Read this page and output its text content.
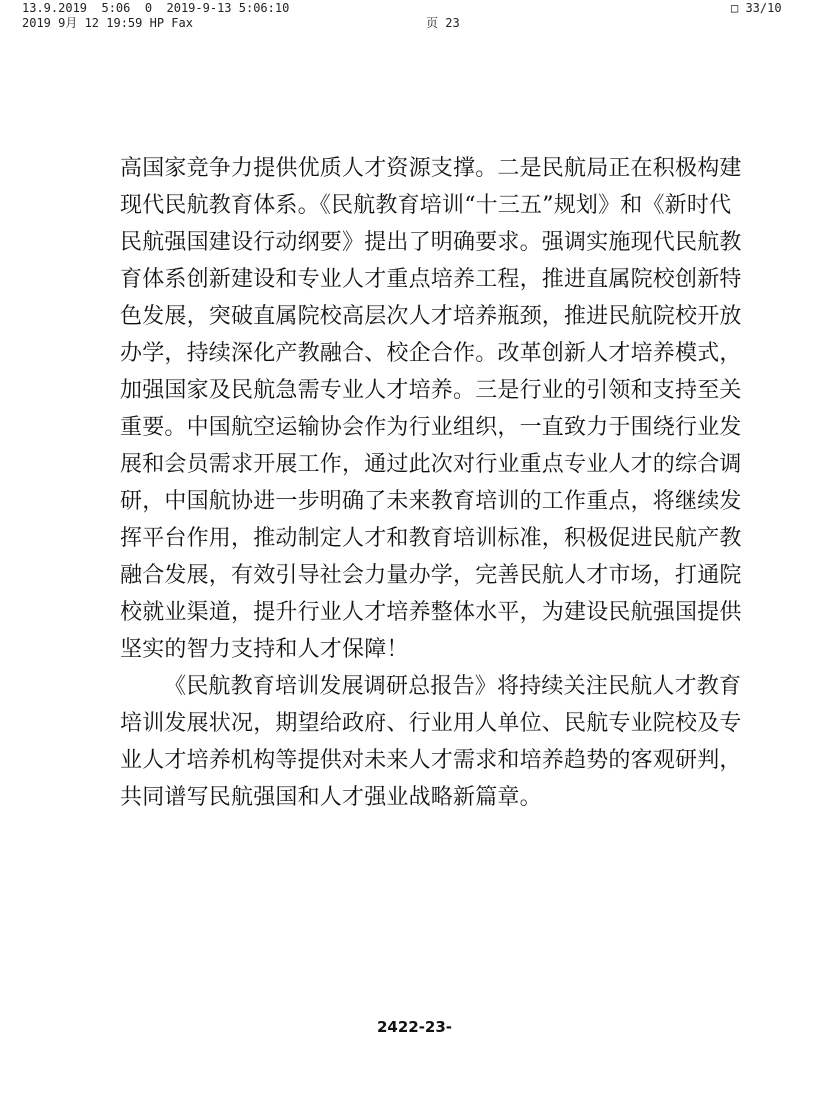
13.9.2019  5:06  0  2019-9-13 5:06:10	□ 33/10
2019 9月 12 19:59 HP Fax	页 23
高国家竞争力提供优质人才资源支撑。二是民航局正在积极构建
现代民航教育体系。《民航教育培训“十三五”规划》和《新时代
民航强国建设行动纲要》提出了明确要求。强调实施现代民航教
育体系创新建设和专业人才重点培养工程，推进直属院校创新特
色发展，突破直属院校高层次人才培养瓶颈，推进民航院校开放
办学，持续深化产教融合、校企合作。改革创新人才培养模式，
加强国家及民航急需专业人才培养。三是行业的引领和支持至关
重要。中国航空运输协会作为行业组织，一直致力于围绕行业发
展和会员需求开展工作，通过此次对行业重点专业人才的综合调
研，中国航协进一步明确了未来教育培训的工作重点，将继续发
挥平台作用，推动制定人才和教育培训标准，积极促进民航产教
融合发展，有效引导社会力量办学，完善民航人才市场，打通院
校就业渠道，提升行业人才培养整体水平，为建设民航强国提供
坚实的智力支持和人才保障！
《民航教育培训发展调研总报告》将持续关注民航人才教育
培训发展状况，期望给政府、行业用人单位、民航专业院校及专
业人才培养机构等提供对未来人才需求和培养趋势的客观研判，
共同谱写民航强国和人才强业战略新篇章。
2422-23-
